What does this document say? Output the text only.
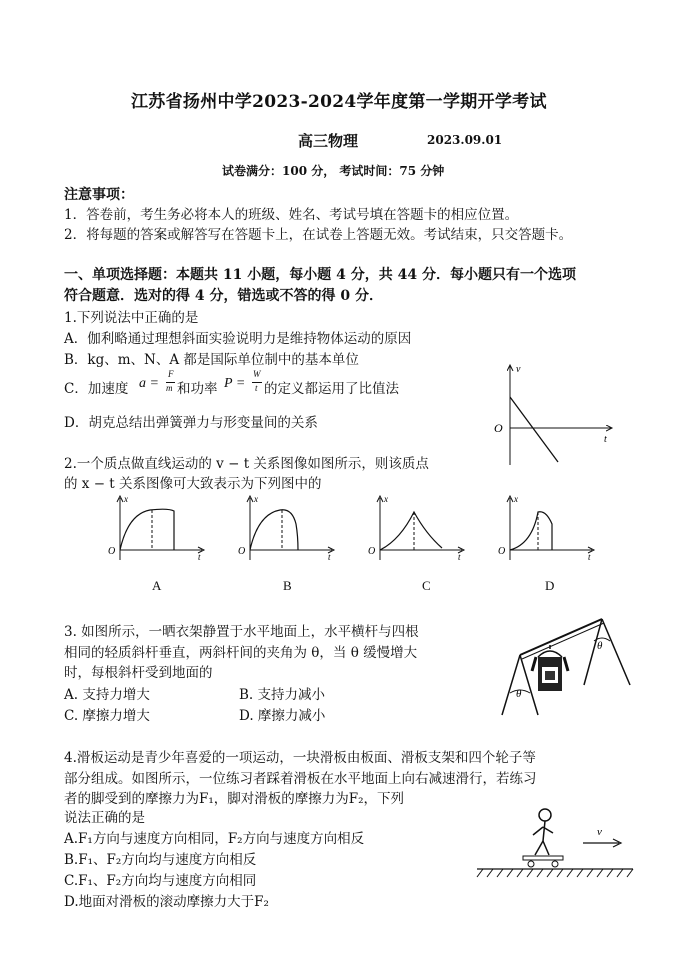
江苏省扬州中学2023-2024学年度第一学期开学考试
高三物理	2023.09.01
试卷满分：100 分， 考试时间：75 分钟
注意事项：
1．答卷前，考生务必将本人的班级、姓名、考试号填在答题卡的相应位置。
2．将每题的答案或解答写在答题卡上，在试卷上答题无效。考试结束，只交答题卡。
一、单项选择题：本题共 11 小题，每小题 4 分，共 44 分．每小题只有一个选项
符合题意．选对的得 4 分，错选或不答的得 0 分．
1.下列说法中正确的是
A．伽利略通过理想斜面实验说明力是维持物体运动的原因
B．kg、m、N、A 都是国际单位制中的基本单位
C．加速度 a =
F
m 和功率 P =
W
t 的定义都运用了比值法
D．胡克总结出弹簧弹力与形变量间的关系
v
t
O
2.一个质点做直线运动的 v − t 关系图像如图所示，则该质点
的 x − t 关系图像可大致表示为下列图中的
x
t
O
x
t
O
x
t
O
x
t
O
A	B	C	D
3. 如图所示，一晒衣架静置于水平地面上，水平横杆与四根
相同的轻质斜杆垂直，两斜杆间的夹角为 θ，当 θ 缓慢增大
时，每根斜杆受到地面的
A. 支持力增大	B. 支持力减小
C. 摩擦力增大	D. 摩擦力减小
θ
θ
4.滑板运动是青少年喜爱的一项运动，一块滑板由板面、滑板支架和四个轮子等
部分组成。如图所示，一位练习者踩着滑板在水平地面上向右减速滑行，若练习
者的脚受到的摩擦力为F₁，脚对滑板的摩擦力为F₂，下列
说法正确的是
A.F₁方向与速度方向相同，F₂方向与速度方向相反
B.F₁、F₂方向均与速度方向相反
C.F₁、F₂方向均与速度方向相同
D.地面对滑板的滚动摩擦力大于F₂
v
